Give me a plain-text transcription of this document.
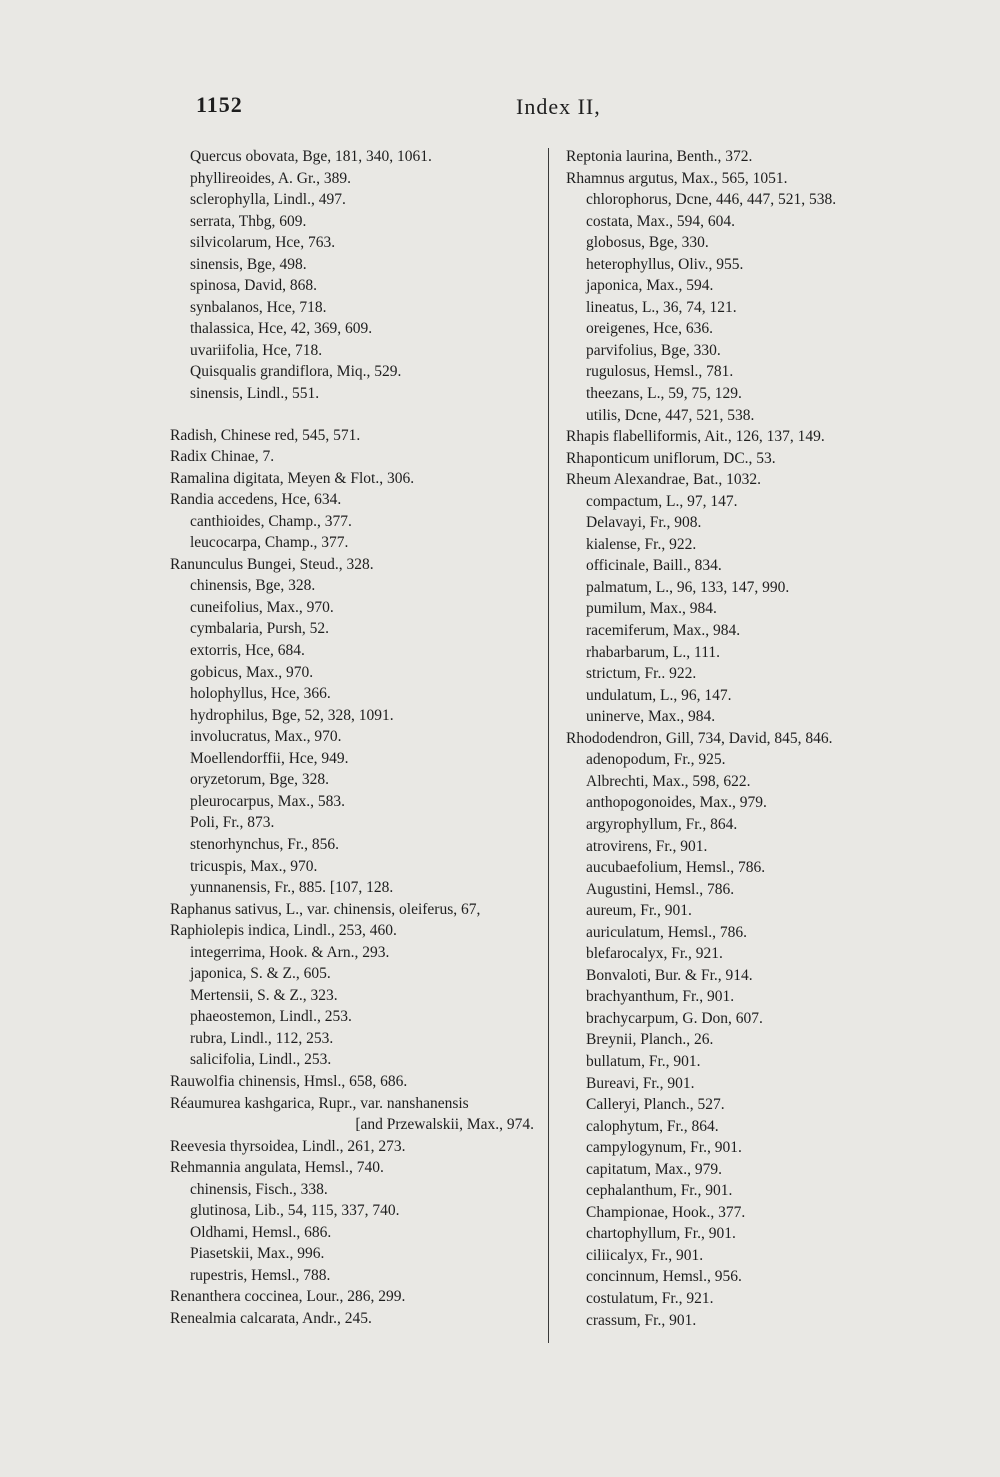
1152	Index II,
Quercus obovata, Bge, 181, 340, 1061.
phyllireoides, A. Gr., 389.
sclerophylla, Lindl., 497.
serrata, Thbg, 609.
silvicolarum, Hce, 763.
sinensis, Bge, 498.
spinosa, David, 868.
synbalanos, Hce, 718.
thalassica, Hce, 42, 369, 609.
uvariifolia, Hce, 718.
Quisqualis grandiflora, Miq., 529.
sinensis, Lindl., 551.
Radish, Chinese red, 545, 571.
Radix Chinae, 7.
Ramalina digitata, Meyen & Flot., 306.
Randia accedens, Hce, 634.
canthioides, Champ., 377.
leucocarpa, Champ., 377.
Ranunculus Bungei, Steud., 328.
chinensis, Bge, 328.
cuneifolius, Max., 970.
cymbalaria, Pursh, 52.
extorris, Hce, 684.
gobicus, Max., 970.
holophyllus, Hce, 366.
hydrophilus, Bge, 52, 328, 1091.
involucratus, Max., 970.
Moellendorffii, Hce, 949.
oryzetorum, Bge, 328.
pleurocarpus, Max., 583.
Poli, Fr., 873.
stenorhynchus, Fr., 856.
tricuspis, Max., 970.
yunnanensis, Fr., 885. [107, 128.
Raphanus sativus, L., var. chinensis, oleiferus, 67,
Raphiolepis indica, Lindl., 253, 460.
integerrima, Hook. & Arn., 293.
japonica, S. & Z., 605.
Mertensii, S. & Z., 323.
phaeostemon, Lindl., 253.
rubra, Lindl., 112, 253.
salicifolia, Lindl., 253.
Rauwolfia chinensis, Hmsl., 658, 686.
Réaumurea kashgarica, Rupr., var. nanshanensis
[and Przewalskii, Max., 974.
Reevesia thyrsoidea, Lindl., 261, 273.
Rehmannia angulata, Hemsl., 740.
chinensis, Fisch., 338.
glutinosa, Lib., 54, 115, 337, 740.
Oldhami, Hemsl., 686.
Piasetskii, Max., 996.
rupestris, Hemsl., 788.
Renanthera coccinea, Lour., 286, 299.
Renealmia calcarata, Andr., 245.
Reptonia laurina, Benth., 372.
Rhamnus argutus, Max., 565, 1051.
chlorophorus, Dcne, 446, 447, 521, 538.
costata, Max., 594, 604.
globosus, Bge, 330.
heterophyllus, Oliv., 955.
japonica, Max., 594.
lineatus, L., 36, 74, 121.
oreigenes, Hce, 636.
parvifolius, Bge, 330.
rugulosus, Hemsl., 781.
theezans, L., 59, 75, 129.
utilis, Dcne, 447, 521, 538.
Rhapis flabelliformis, Ait., 126, 137, 149.
Rhaponticum uniflorum, DC., 53.
Rheum Alexandrae, Bat., 1032.
compactum, L., 97, 147.
Delavayi, Fr., 908.
kialense, Fr., 922.
officinale, Baill., 834.
palmatum, L., 96, 133, 147, 990.
pumilum, Max., 984.
racemiferum, Max., 984.
rhabarbarum, L., 111.
strictum, Fr.. 922.
undulatum, L., 96, 147.
uninerve, Max., 984.
Rhododendron, Gill, 734, David, 845, 846.
adenopodum, Fr., 925.
Albrechti, Max., 598, 622.
anthopogonoides, Max., 979.
argyrophyllum, Fr., 864.
atrovirens, Fr., 901.
aucubaefolium, Hemsl., 786.
Augustini, Hemsl., 786.
aureum, Fr., 901.
auriculatum, Hemsl., 786.
blefarocalyx, Fr., 921.
Bonvaloti, Bur. & Fr., 914.
brachyanthum, Fr., 901.
brachycarpum, G. Don, 607.
Breynii, Planch., 26.
bullatum, Fr., 901.
Bureavi, Fr., 901.
Calleryi, Planch., 527.
calophytum, Fr., 864.
campylogynum, Fr., 901.
capitatum, Max., 979.
cephalanthum, Fr., 901.
Championae, Hook., 377.
chartophyllum, Fr., 901.
ciliicalyx, Fr., 901.
concinnum, Hemsl., 956.
costulatum, Fr., 921.
crassum, Fr., 901.
